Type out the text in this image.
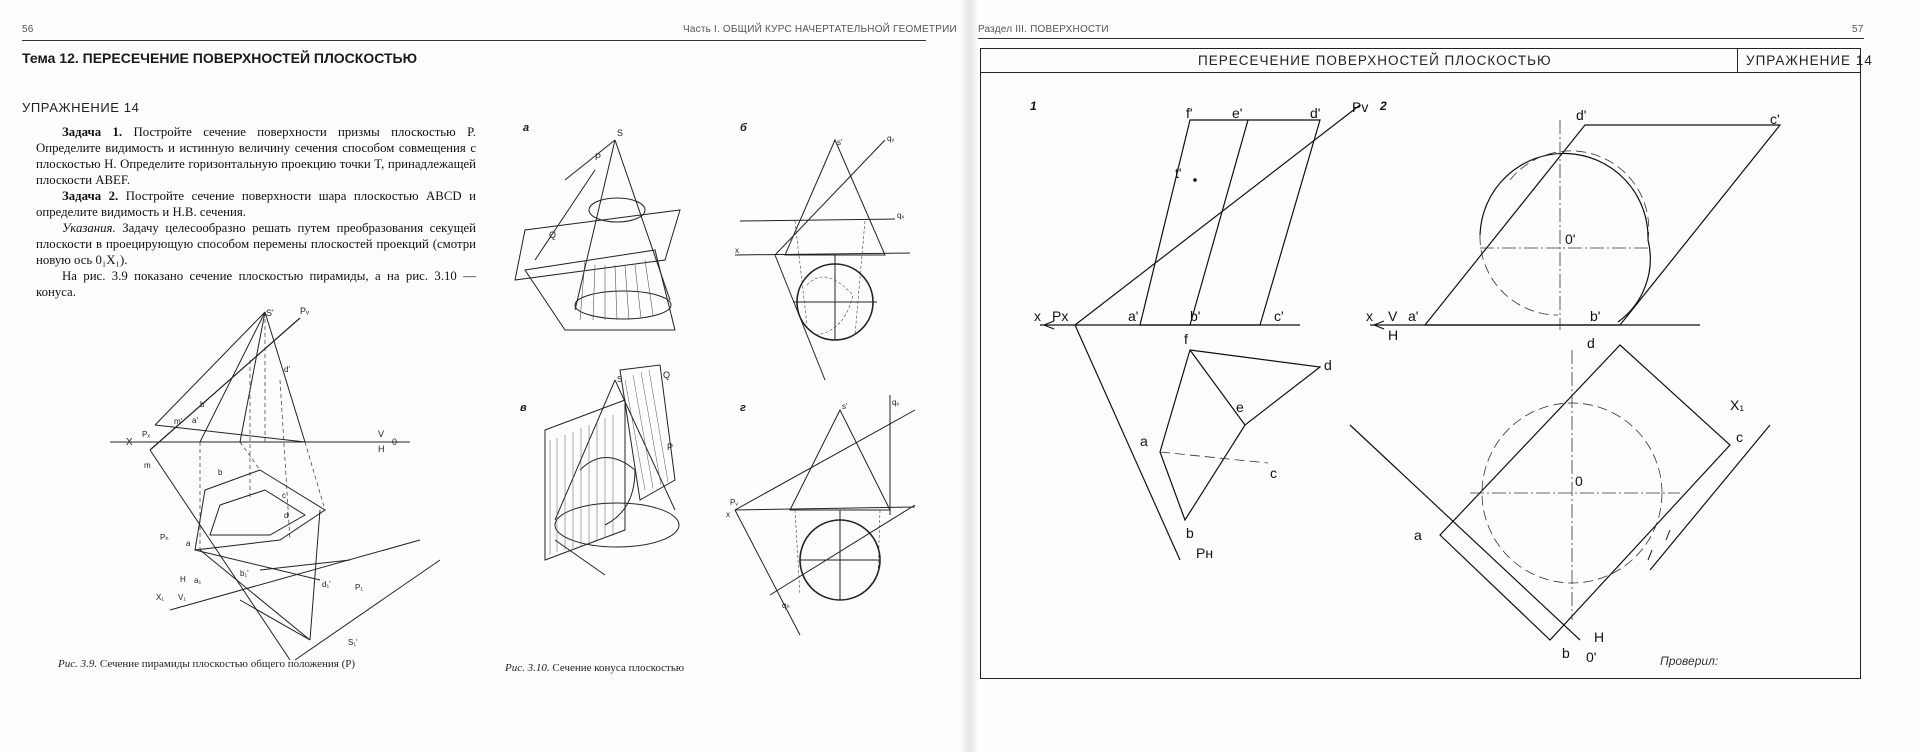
56	Часть I. ОБЩИЙ КУРС НАЧЕРТАТЕЛЬНОЙ ГЕОМЕТРИИ
Тема 12. ПЕРЕСЕЧЕНИЕ ПОВЕРХНОСТЕЙ ПЛОСКОСТЬЮ
УПРАЖНЕНИЕ 14

Задача 1. Постройте сечение поверхности призмы плоскостью P. Определите видимость и истинную величину сечения способом совмещения с плоскостью H. Определите горизонтальную проекцию точки T, принадлежащей плоскости ABEF.

Задача 2. Постройте сечение поверхности шара плоскостью ABCD и определите видимость и Н.В. сечения.

Указания. Задачу целесообразно решать путем преобразования секущей плоскости в проецирующую способом перемены плоскостей проекций (смотри новую ось 0₁X₁).

На рис. 3.9 показано сечение плоскостью пирамиды, а на рис. 3.10 — конуса.

S'	Pᵥ
d'
b'
a'
m'
X
Pₓ	V
H
0
m
b
c
d
Pₕ
a
H
X₁ V₁
a₁
b₁'
d₁'	P₁
S₁'
Рис. 3.9. Сечение пирамиды плоскостью общего положения (P)
S
P
Q
а
s'	qᵥ
x
qₓ
б
S	Q
P
в	s'	qᵥ
Pᵥ
x
qₕ
г
Рис. 3.10. Сечение конуса плоскостью
Раздел III. ПОВЕРХНОСТИ	57
ПЕРЕСЕЧЕНИЕ ПОВЕРХНОСТЕЙ ПЛОСКОСТЬЮ	УПРАЖНЕНИЕ 14
1	f'	e'	d' Pv
t'
x Px	a'	b'	c'
f
e
d
a
c
b
Pн
2
d'	c'
0'
x V
H
a'	b'
d
c
0
a
b 0'
H
X₁
Проверил:
